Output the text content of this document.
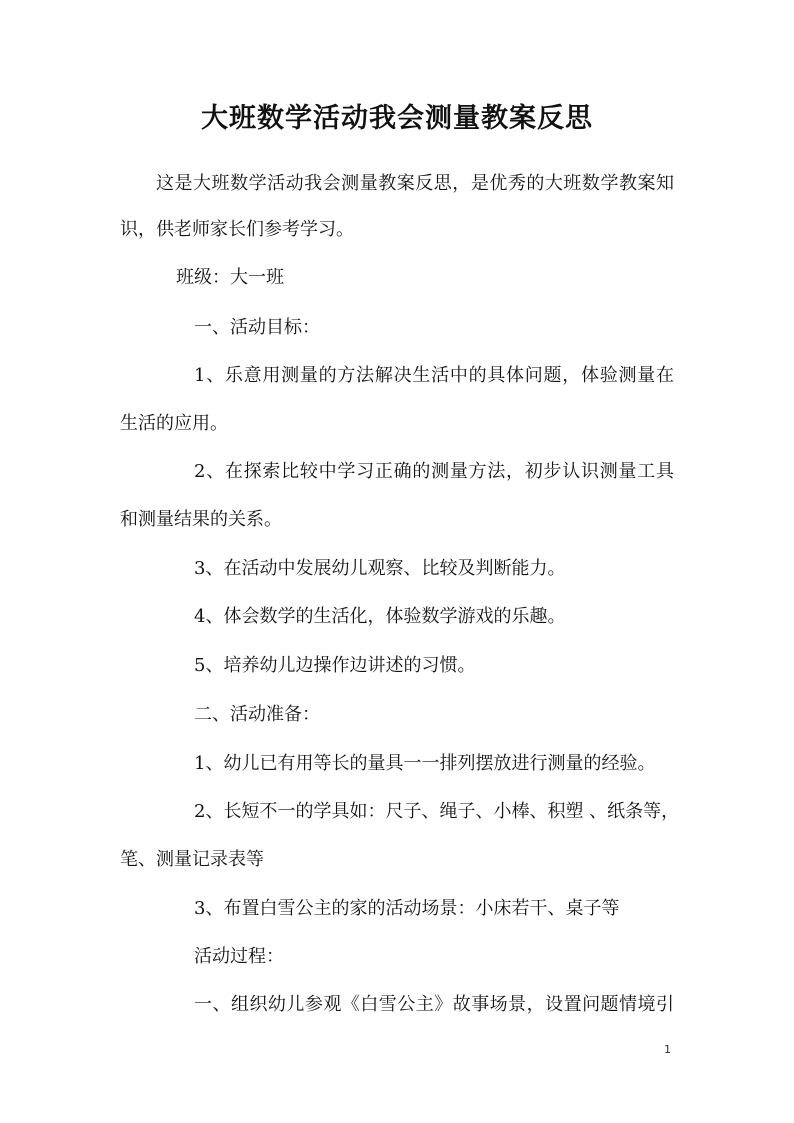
大班数学活动我会测量教案反思
这是大班数学活动我会测量教案反思，是优秀的大班数学教案知
识，供老师家长们参考学习。
班级：大一班
一、活动目标：
1、乐意用测量的方法解决生活中的具体问题，体验测量在
生活的应用。
2、在探索比较中学习正确的测量方法，初步认识测量工具
和测量结果的关系。
3、在活动中发展幼儿观察、比较及判断能力。
4、体会数学的生活化，体验数学游戏的乐趣。
5、培养幼儿边操作边讲述的习惯。
二、活动准备：
1、幼儿已有用等长的量具一一排列摆放进行测量的经验。
2、长短不一的学具如：尺子、绳子、小棒、积塑 、纸条等，
笔、测量记录表等
3、布置白雪公主的家的活动场景：小床若干、桌子等
活动过程：
一、组织幼儿参观《白雪公主》故事场景，设置问题情境引
1
